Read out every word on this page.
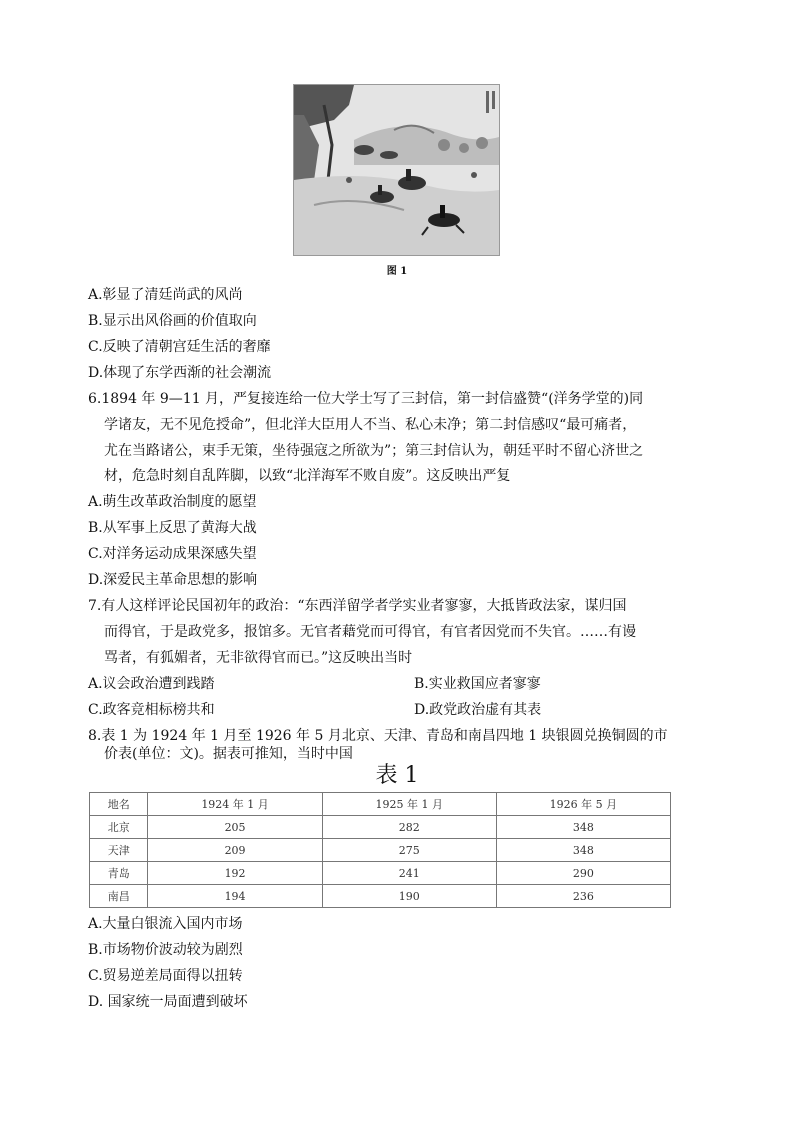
图 1
A.彰显了清廷尚武的风尚
B.显示出风俗画的价值取向
C.反映了清朝宫廷生活的奢靡
D.体现了东学西渐的社会潮流
6.1894 年 9—11 月，严复接连给一位大学士写了三封信，第一封信盛赞“(洋务学堂的)同
学诸友，无不见危授命”，但北洋大臣用人不当、私心未净；第二封信感叹“最可痛者，
尤在当路诸公，束手无策，坐待强寇之所欲为”；第三封信认为，朝廷平时不留心济世之
材，危急时刻自乱阵脚，以致“北洋海军不败自废”。这反映出严复
A.萌生改革政治制度的愿望
B.从军事上反思了黄海大战
C.对洋务运动成果深感失望
D.深爱民主革命思想的影响
7.有人这样评论民国初年的政治：“东西洋留学者学实业者寥寥，大抵皆政法家，谋归国
而得官，于是政党多，报馆多。无官者藉党而可得官，有官者因党而不失官。……有谩
骂者，有狐媚者，无非欲得官而已。”这反映出当时
A.议会政治遭到践踏	B.实业救国应者寥寥
C.政客竞相标榜共和	D.政党政治虚有其表
8.表 1 为 1924 年 1 月至 1926 年 5 月北京、天津、青岛和南昌四地 1 块银圆兑换铜圆的市
价表(单位：文)。据表可推知，当时中国
表 1
地名	1924 年 1 月	1925 年 1 月	1926 年 5 月
北京	205	282	348
天津	209	275	348
青岛	192	241	290
南昌	194	190	236
A.大量白银流入国内市场
B.市场物价波动较为剧烈
C.贸易逆差局面得以扭转
D. 国家统一局面遭到破坏
